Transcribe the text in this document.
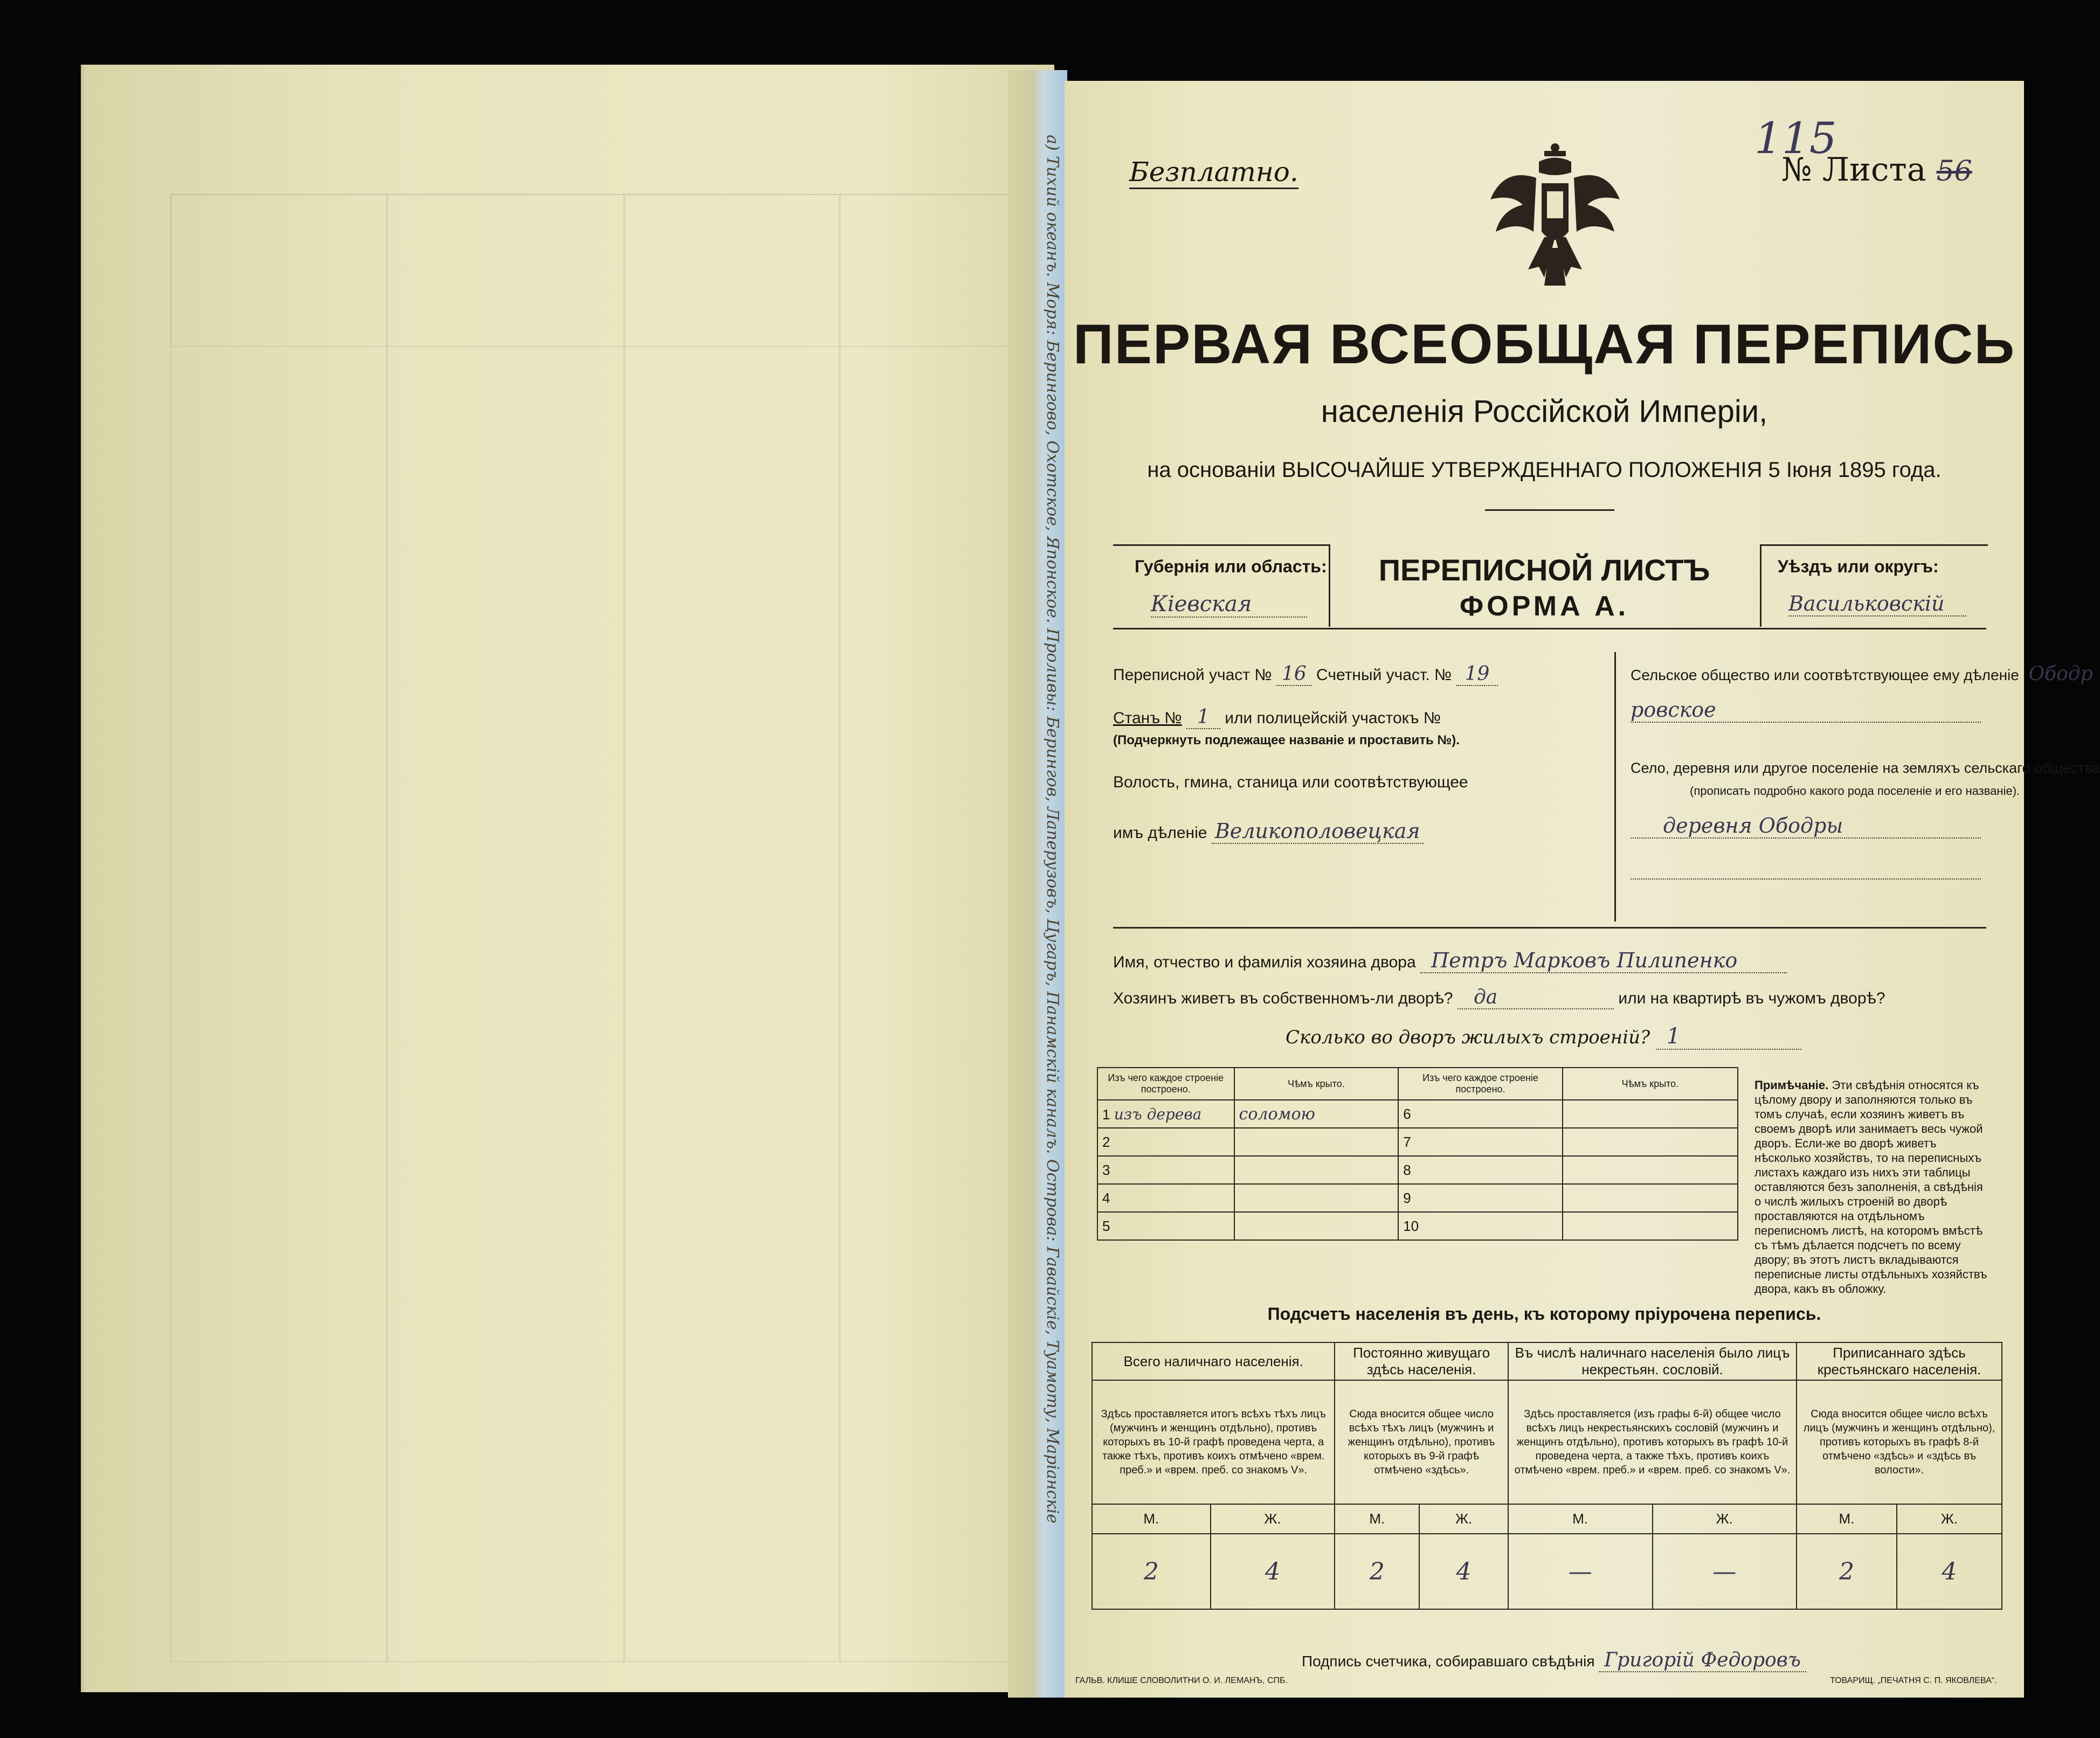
a) Тихий океанъ. Моря: Берингово, Охотское, Японское. Проливы: Берингов, Лаперузовъ, Цугаръ, Панамскій каналъ. Острова: Гавайскіе, Туамоту, Маріанскіе	115
Безплатно.	№ Листа 56
ПЕРВАЯ ВСЕОБЩАЯ ПЕРЕПИСЬ
населенія Россійской Имперіи,
на основаніи ВЫСОЧАЙШЕ УТВЕРЖДЕННАГО ПОЛОЖЕНІЯ 5 Іюня 1895 года.
Губернія или область:
Кіевская
ПЕРЕПИСНОЙ ЛИСТЪ
ФОРМА А.
Уѣздъ или округъ:
Васильковскій
Переписной участ № 16 Счетный участ. № 19
Станъ № 1 или полицейскій участокъ №
(Подчеркнуть подлежащее названіе и проставить №).
Волость, гмина, станица или соотвѣтствующее
имъ дѣленіе Великополовецкая
Сельское общество или соотвѣтствующее ему дѣленіе Ободр
ровское
Село, деревня или другое поселеніе на земляхъ сельскаго общества
(прописать подробно какого рода поселеніе и его названіе).
деревня Ободры
Имя, отчество и фамилія хозяина двора Петръ Марковъ Пилипенко
Хозяинъ живетъ въ собственномъ-ли дворѣ? да	или на квартирѣ въ чужомъ дворѣ?
Сколько во дворъ жилыхъ строеній? 1
Изъ чего каждое строеніе построено.	Чѣмъ крыто.	Изъ чего каждое строеніе построено.	Чѣмъ крыто.
1 изъ дерева	соломою	6	
2		7	
3		8	
4		9	
5		10	
Примѣчаніе. Эти свѣдѣнія относятся къ цѣлому двору и заполняются только въ томъ случаѣ, если хозяинъ живетъ въ своемъ дворѣ или занимаетъ весь чужой дворъ. Если-же во дворѣ живетъ нѣсколько хозяйствъ, то на переписныхъ листахъ каждаго изъ нихъ эти таблицы оставляются безъ заполненія, а свѣдѣнія о числѣ жилыхъ строеній во дворѣ проставляются на отдѣльномъ переписномъ листѣ, на которомъ вмѣстѣ съ тѣмъ дѣлается подсчетъ по всему двору; въ этотъ листъ вкладываются переписные листы отдѣльныхъ хозяйствъ двора, какъ въ обложку.
Подсчетъ населенія въ день, къ которому пріурочена перепись.
Всего наличнаго населенія.		Постоянно живущаго здѣсь населенія.		Въ числѣ наличнаго населенія было лицъ некрестьян. сословій.		Приписаннаго здѣсь крестьянскаго населенія.	
Здѣсь проставляется итогъ всѣхъ тѣхъ лицъ (мужчинъ и женщинъ отдѣльно), противъ которыхъ въ 10-й графѣ проведена черта, а также тѣхъ, противъ коихъ отмѣчено «врем. преб.» и «врем. преб. со знакомъ V».		Сюда вносится общее число всѣхъ тѣхъ лицъ (мужчинъ и женщинъ отдѣльно), противъ которыхъ въ 9-й графѣ отмѣчено «здѣсь».		Здѣсь проставляется (изъ графы 6-й) общее число всѣхъ лицъ некрестьянскихъ сословій (мужчинъ и женщинъ отдѣльно), противъ которыхъ въ графѣ 10-й проведена черта, а также тѣхъ, противъ коихъ отмѣчено «врем. преб.» и «врем. преб. со знакомъ V».		Сюда вносится общее число всѣхъ лицъ (мужчинъ и женщинъ отдѣльно), противъ которыхъ въ графѣ 8-й отмѣчено «здѣсь» и «здѣсь въ волости».	
М.	Ж.	М.	Ж.	М.	Ж.	М.	Ж.
2	4	2	4	—	—	2	4
Подпись счетчика, собиравшаго свѣдѣнія Григорій Федоровъ
ГАЛЬВ. КЛИШЕ СЛОВОЛИТНИ О. И. ЛЕМАНЪ, СПБ.	ТОВАРИЩ. „ПЕЧАТНЯ С. П. ЯКОВЛЕВА“.
